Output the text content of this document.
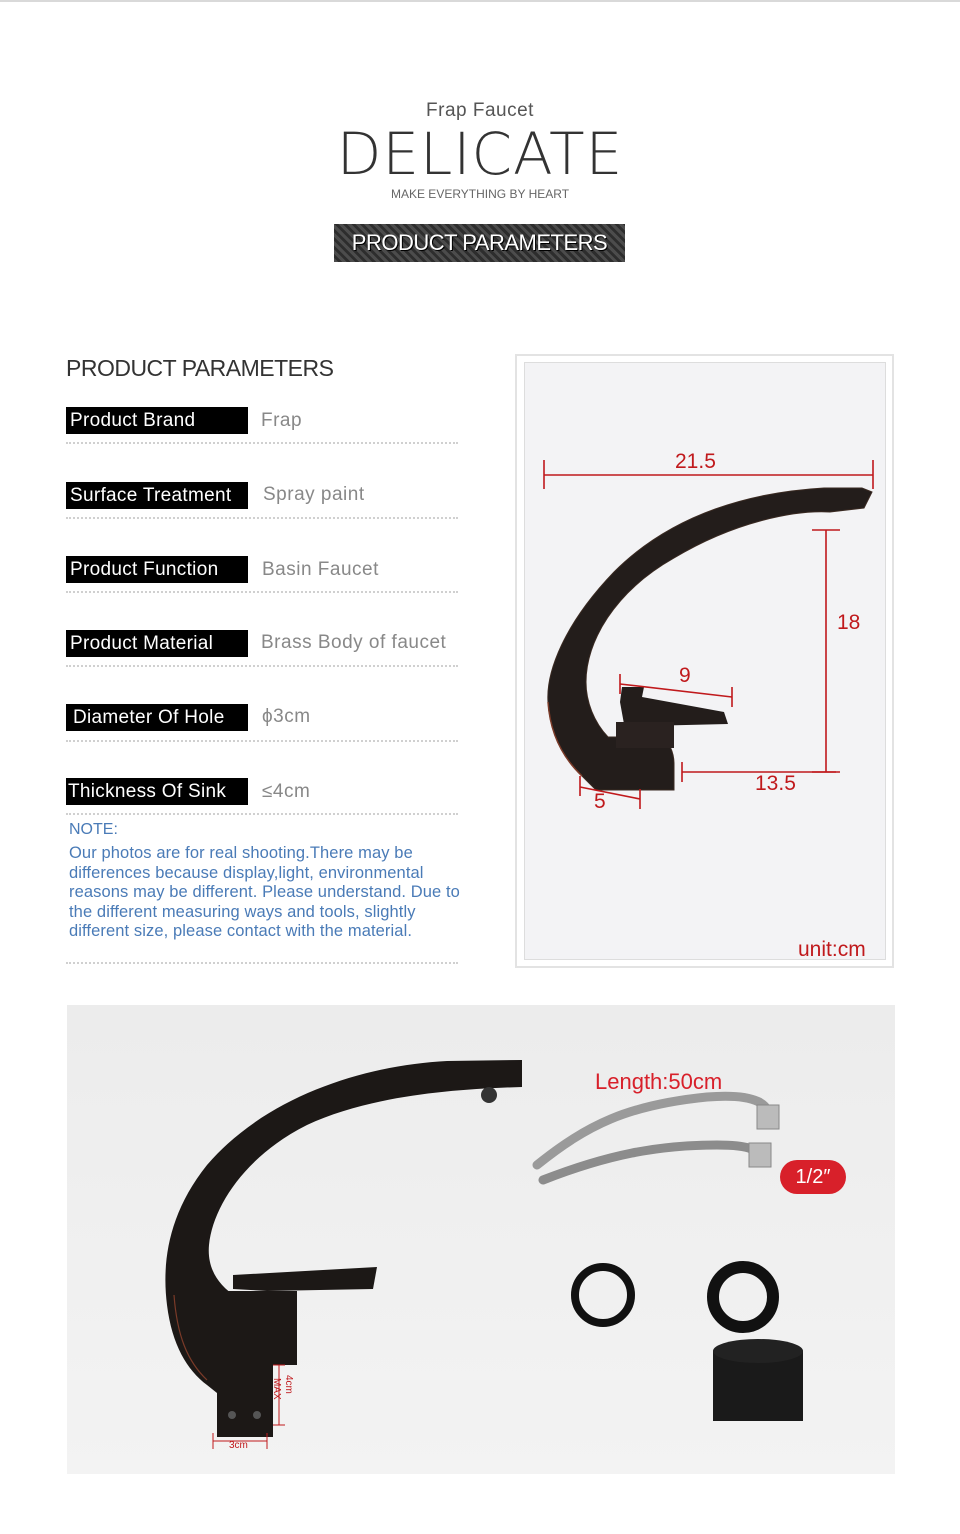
Frap Faucet
DELICATE
MAKE EVERYTHING BY HEART
PRODUCT PARAMETERS
PRODUCT PARAMETERS
Product Brand	Frap
Surface Treatment	Spray paint
Product Function	Basin Faucet
Product Material	Brass Body of faucet
Diameter Of Hole	ϕ3cm
Thickness Of Sink	≤4cm
NOTE:
Our photos are for real shooting.There may be differences because display,light, environmental reasons may be different. Please understand. Due to the different measuring ways and tools, slightly different size, please contact with the material.
21.5
18
9
13.5
5
unit:cm
Length:50cm
1/2″
3cm
4cm
MAX
